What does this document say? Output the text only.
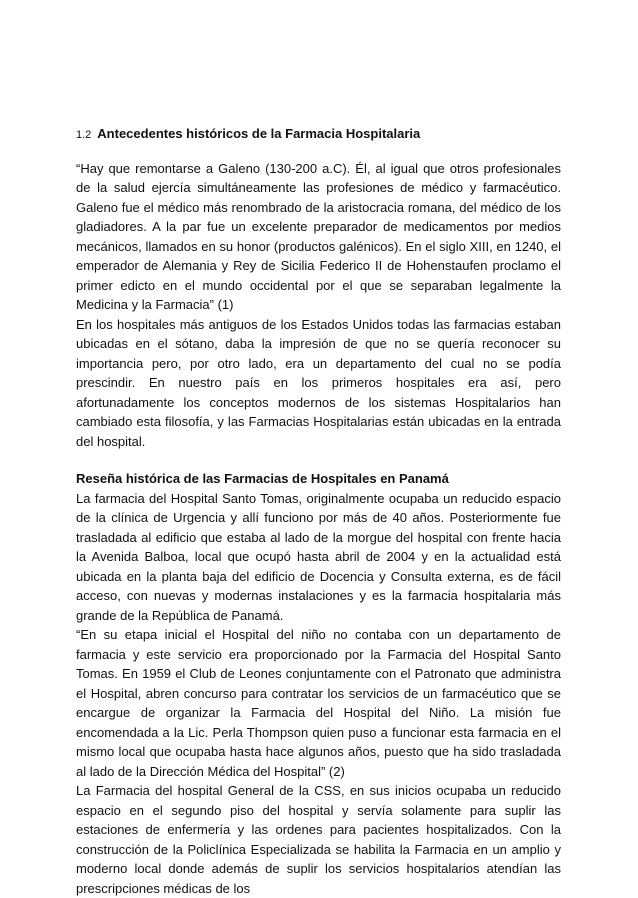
1.2 Antecedentes históricos de la Farmacia Hospitalaria

“Hay que remontarse a Galeno (130-200 a.C). Él, al igual que otros profesionales de la salud ejercía simultáneamente las profesiones de médico y farmacéutico. Galeno fue el médico más renombrado de la aristocracia romana, del médico de los gladiadores. A la par fue un excelente preparador de medicamentos por medios mecánicos, llamados en su honor (productos galénicos). En el siglo XIII, en 1240, el emperador de Alemania y Rey de Sicilia Federico II de Hohenstaufen proclamo el primer edicto en el mundo occidental por el que se separaban legalmente la Medicina y la Farmacia” (1)

En los hospitales más antiguos de los Estados Unidos todas las farmacias estaban ubicadas en el sótano, daba la impresión de que no se quería reconocer su importancia pero, por otro lado, era un departamento del cual no se podía prescindir. En nuestro país en los primeros hospitales era así, pero afortunadamente los conceptos modernos de los sistemas Hospitalarios han cambiado esta filosofía, y las Farmacias Hospitalarias están ubicadas en la entrada del hospital.

Reseña histórica de las Farmacias de Hospitales en Panamá

La farmacia del Hospital Santo Tomas, originalmente ocupaba un reducido espacio de la clínica de Urgencia y allí funciono por más de 40 años. Posteriormente fue trasladada al edificio que estaba al lado de la morgue del hospital con frente hacia la Avenida Balboa, local que ocupó hasta abril de 2004 y en la actualidad está ubicada en la planta baja del edificio de Docencia y Consulta externa, es de fácil acceso, con nuevas y modernas instalaciones y es la farmacia hospitalaria más grande de la República de Panamá.

“En su etapa inicial el Hospital del niño no contaba con un departamento de farmacia y este servicio era proporcionado por la Farmacia del Hospital Santo Tomas. En 1959 el Club de Leones conjuntamente con el Patronato que administra el Hospital, abren concurso para contratar los servicios de un farmacéutico que se encargue de organizar la Farmacia del Hospital del Niño. La misión fue encomendada a la Lic. Perla Thompson quien puso a funcionar esta farmacia en el mismo local que ocupaba hasta hace algunos años, puesto que ha sido trasladada al lado de la Dirección Médica del Hospital” (2)

La Farmacia del hospital General de la CSS, en sus inicios ocupaba un reducido espacio en el segundo piso del hospital y servía solamente para suplir las estaciones de enfermería y las ordenes para pacientes hospitalizados. Con la construcción de la Policlínica Especializada se habilita la Farmacia en un amplio y moderno local donde además de suplir los servicios hospitalarios atendían las prescripciones médicas de los
